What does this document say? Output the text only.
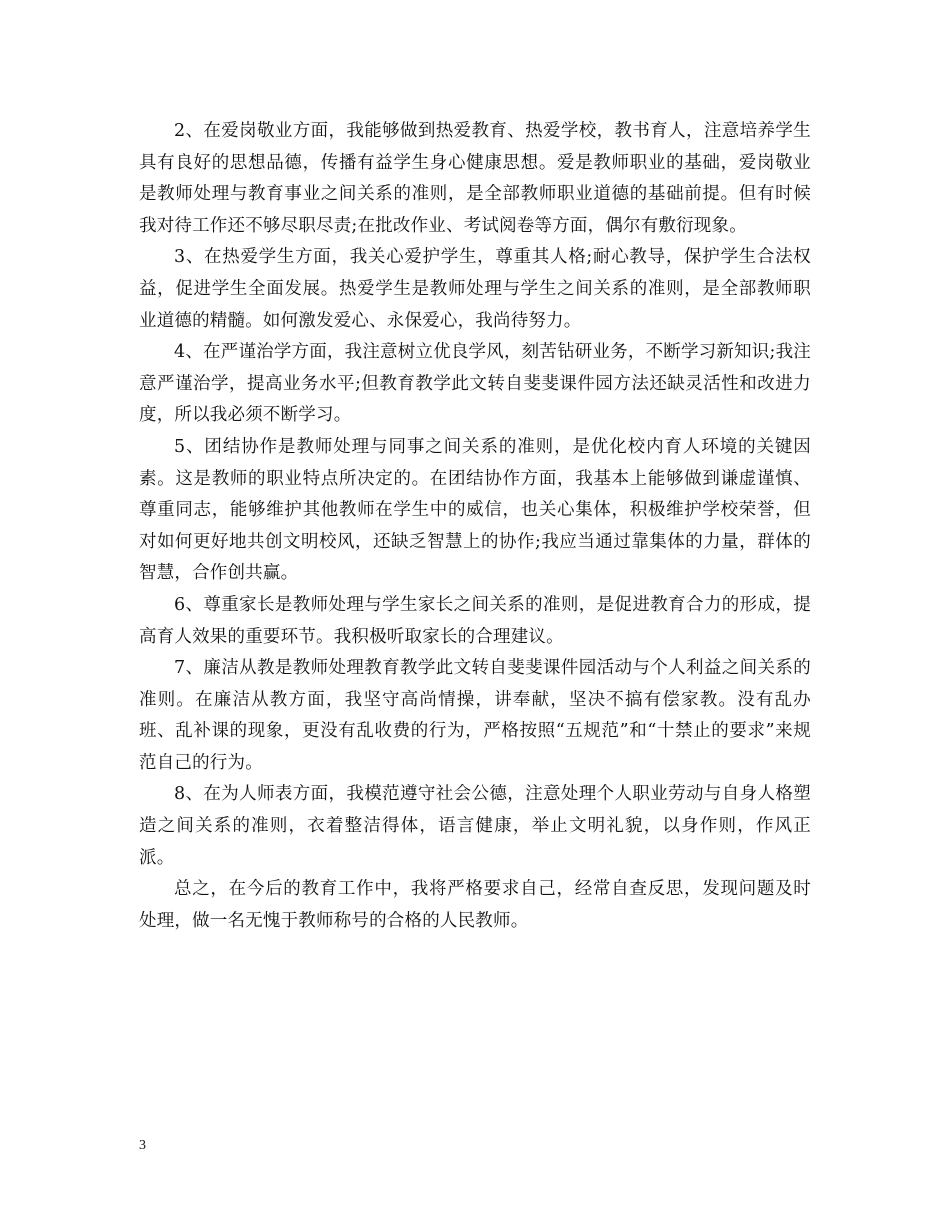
2、在爱岗敬业方面，我能够做到热爱教育、热爱学校，教书育人，注意培养学生具有良好的思想品德，传播有益学生身心健康思想。爱是教师职业的基础，爱岗敬业是教师处理与教育事业之间关系的准则，是全部教师职业道德的基础前提。但有时候我对待工作还不够尽职尽责;在批改作业、考试阅卷等方面，偶尔有敷衍现象。

3、在热爱学生方面，我关心爱护学生，尊重其人格;耐心教导，保护学生合法权益，促进学生全面发展。热爱学生是教师处理与学生之间关系的准则，是全部教师职业道德的精髓。如何激发爱心、永保爱心，我尚待努力。

4、在严谨治学方面，我注意树立优良学风，刻苦钻研业务，不断学习新知识;我注意严谨治学，提高业务水平;但教育教学此文转自斐斐课件园方法还缺灵活性和改进力度，所以我必须不断学习。

5、团结协作是教师处理与同事之间关系的准则，是优化校内育人环境的关键因素。这是教师的职业特点所决定的。在团结协作方面，我基本上能够做到谦虚谨慎、尊重同志，能够维护其他教师在学生中的威信，也关心集体，积极维护学校荣誉，但对如何更好地共创文明校风，还缺乏智慧上的协作;我应当通过靠集体的力量，群体的智慧，合作创共赢。

6、尊重家长是教师处理与学生家长之间关系的准则，是促进教育合力的形成，提高育人效果的重要环节。我积极听取家长的合理建议。

7、廉洁从教是教师处理教育教学此文转自斐斐课件园活动与个人利益之间关系的准则。在廉洁从教方面，我坚守高尚情操，讲奉献，坚决不搞有偿家教。没有乱办班、乱补课的现象，更没有乱收费的行为，严格按照“五规范”和“十禁止的要求”来规范自己的行为。

8、在为人师表方面，我模范遵守社会公德，注意处理个人职业劳动与自身人格塑造之间关系的准则，衣着整洁得体，语言健康，举止文明礼貌，以身作则，作风正派。

总之，在今后的教育工作中，我将严格要求自己，经常自查反思，发现问题及时处理，做一名无愧于教师称号的合格的人民教师。

3
